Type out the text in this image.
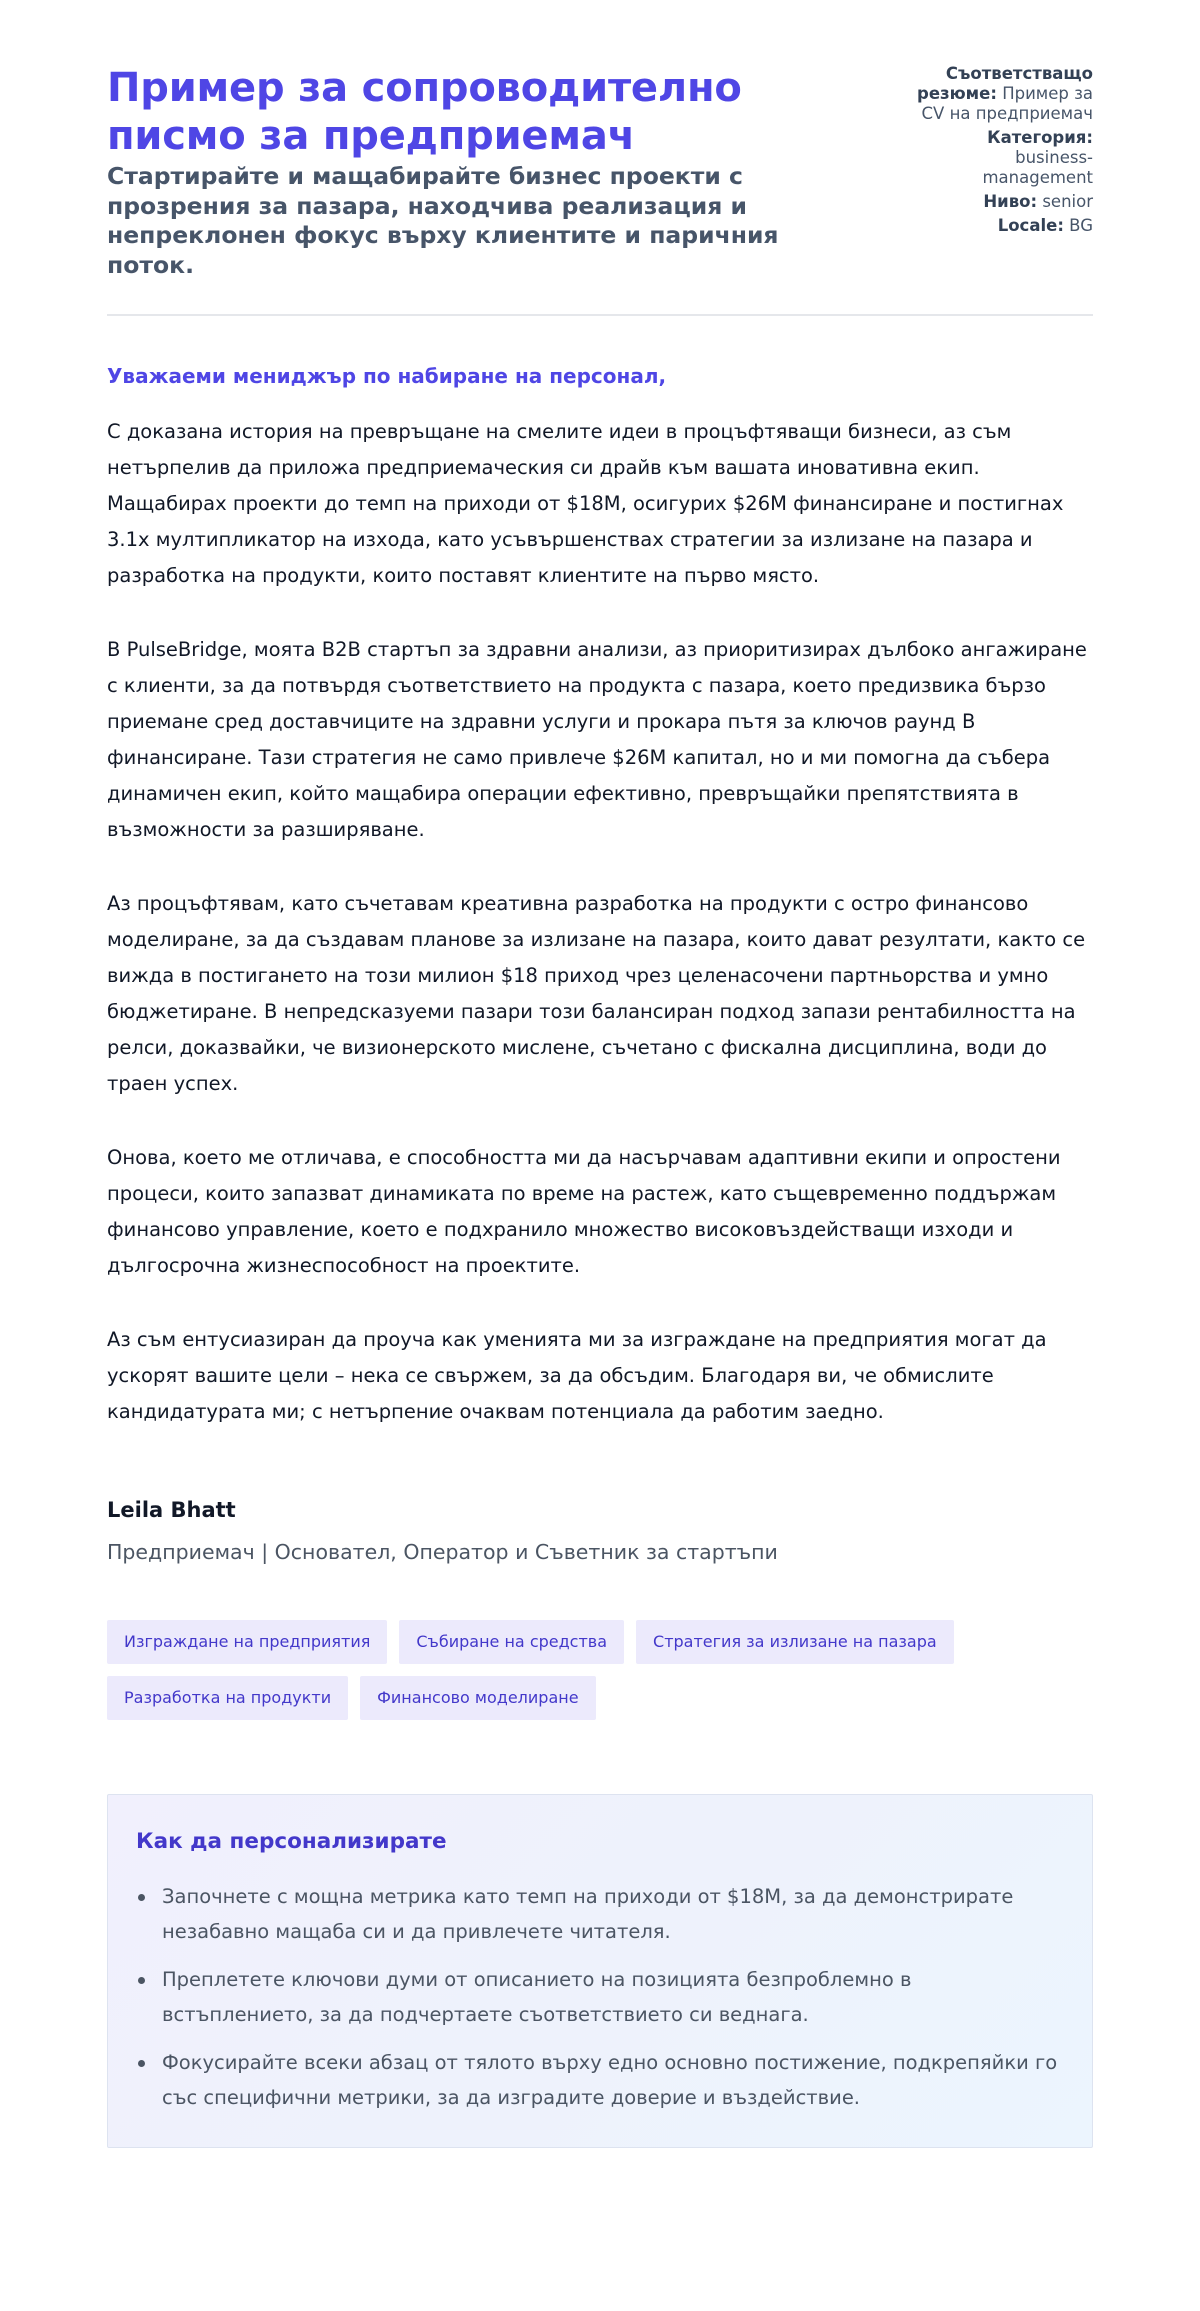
Пример за сопроводително писмо за предприемач
Стартирайте и мащабирайте бизнес проекти с прозрения за пазара, находчива реализация и непреклонен фокус върху клиентите и паричния поток.
Съответстващо резюме: Пример за CV на предприемач
Категория: business-management
Ниво: senior
Locale: BG
Уважаеми мениджър по набиране на персонал,

С доказана история на превръщане на смелите идеи в процъфтяващи бизнеси, аз съм нетърпелив да приложа предприемаческия си драйв към вашата иновативна екип. Мащабирах проекти до темп на приходи от $18M, осигурих $26M финансиране и постигнах 3.1x мултипликатор на изхода, като усъвършенствах стратегии за излизане на пазара и разработка на продукти, които поставят клиентите на първо място.

В PulseBridge, моята B2B стартъп за здравни анализи, аз приоритизирах дълбоко ангажиране с клиенти, за да потвърдя съответствието на продукта с пазара, което предизвика бързо приемане сред доставчиците на здравни услуги и прокара пътя за ключов раунд B финансиране. Тази стратегия не само привлече $26M капитал, но и ми помогна да събера динамичен екип, който мащабира операции ефективно, превръщайки препятствията в възможности за разширяване.

Аз процъфтявам, като съчетавам креативна разработка на продукти с остро финансово моделиране, за да създавам планове за излизане на пазара, които дават резултати, както се вижда в постигането на този милион $18 приход чрез целенасочени партньорства и умно бюджетиране. В непредсказуеми пазари този балансиран подход запази рентабилността на релси, доказвайки, че визионерското мислене, съчетано с фискална дисциплина, води до траен успех.

Онова, което ме отличава, е способността ми да насърчавам адаптивни екипи и опростени процеси, които запазват динамиката по време на растеж, като същевременно поддържам финансово управление, което е подхранило множество високовъздействащи изходи и дългосрочна жизнеспособност на проектите.

Аз съм ентусиазиран да проуча как уменията ми за изграждане на предприятия могат да ускорят вашите цели – нека се свържем, за да обсъдим. Благодаря ви, че обмислите кандидатурата ми; с нетърпение очаквам потенциала да работим заедно.

Leila Bhatt
Предприемач | Основател, Оператор и Съветник за стартъпи
Изграждане на предприятия	Събиране на средства	Стратегия за излизане на пазара
Разработка на продукти	Финансово моделиране
Как да персонализирате
Започнете с мощна метрика като темп на приходи от $18M, за да демонстрирате незабавно мащаба си и да привлечете читателя.
Преплетете ключови думи от описанието на позицията безпроблемно в встъплението, за да подчертаете съответствието си веднага.
Фокусирайте всеки абзац от тялото върху едно основно постижение, подкрепяйки го със специфични метрики, за да изградите доверие и въздействие.
